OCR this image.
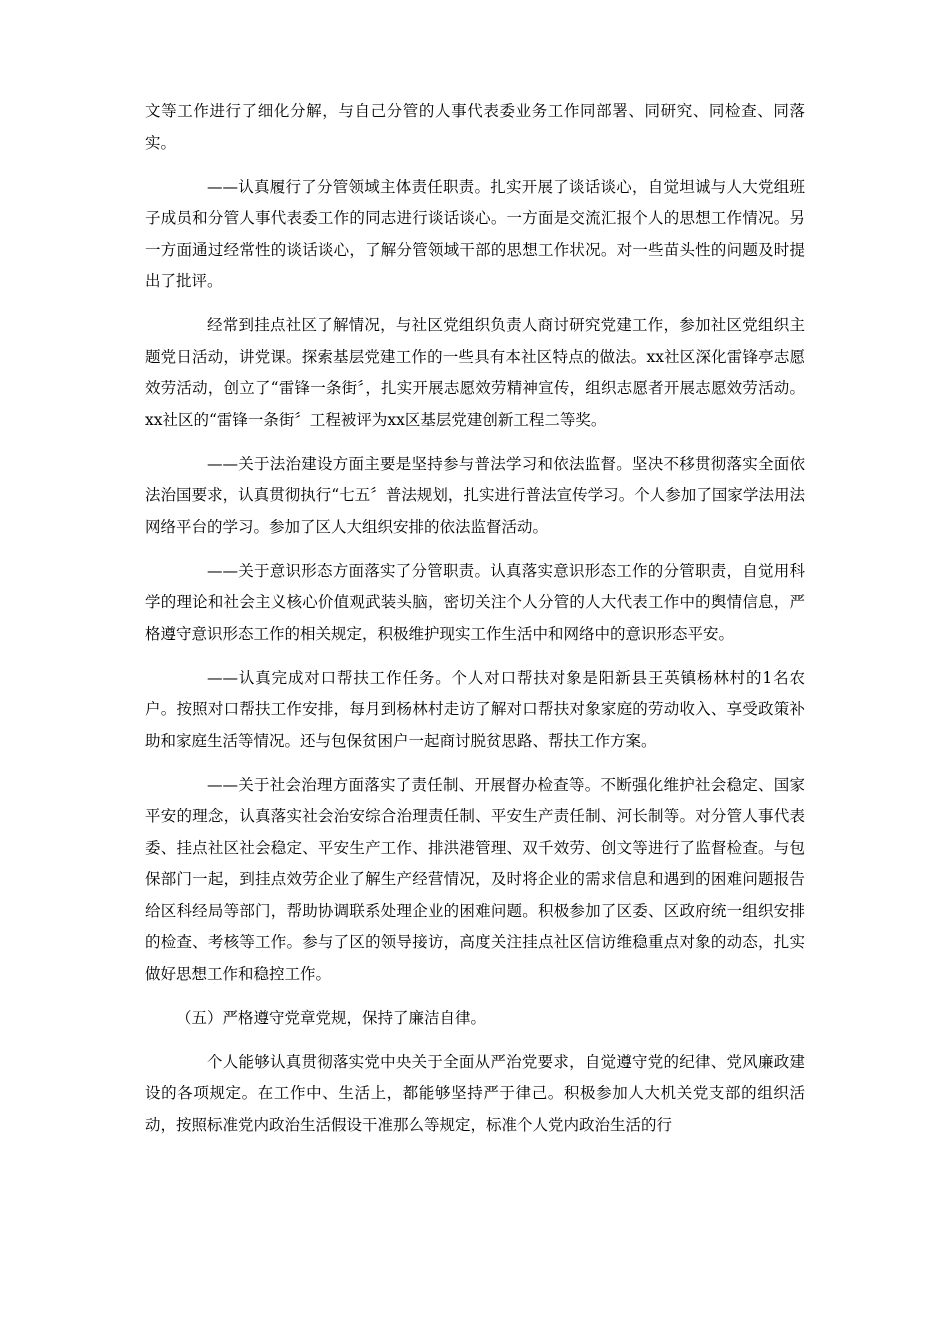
文等工作进行了细化分解，与自己分管的人事代表委业务工作同部署、同研究、同检查、同落实。

——认真履行了分管领域主体责任职责。扎实开展了谈话谈心，自觉坦诚与人大党组班子成员和分管人事代表委工作的同志进行谈话谈心。一方面是交流汇报个人的思想工作情况。另一方面通过经常性的谈话谈心，了解分管领域干部的思想工作状况。对一些苗头性的问题及时提出了批评。

经常到挂点社区了解情况，与社区党组织负责人商讨研究党建工作，参加社区党组织主题党日活动，讲党课。探索基层党建工作的一些具有本社区特点的做法。xx社区深化雷锋亭志愿效劳活动，创立了“雷锋一条街〞，扎实开展志愿效劳精神宣传，组织志愿者开展志愿效劳活动。xx社区的“雷锋一条街〞工程被评为xx区基层党建创新工程二等奖。

——关于法治建设方面主要是坚持参与普法学习和依法监督。坚决不移贯彻落实全面依法治国要求，认真贯彻执行“七五〞普法规划，扎实进行普法宣传学习。个人参加了国家学法用法网络平台的学习。参加了区人大组织安排的依法监督活动。

——关于意识形态方面落实了分管职责。认真落实意识形态工作的分管职责，自觉用科学的理论和社会主义核心价值观武装头脑，密切关注个人分管的人大代表工作中的舆情信息，严格遵守意识形态工作的相关规定，积极维护现实工作生活中和网络中的意识形态平安。

——认真完成对口帮扶工作任务。个人对口帮扶对象是阳新县王英镇杨林村的1名农户。按照对口帮扶工作安排，每月到杨林村走访了解对口帮扶对象家庭的劳动收入、享受政策补助和家庭生活等情况。还与包保贫困户一起商讨脱贫思路、帮扶工作方案。

——关于社会治理方面落实了责任制、开展督办检查等。不断强化维护社会稳定、国家平安的理念，认真落实社会治安综合治理责任制、平安生产责任制、河长制等。对分管人事代表委、挂点社区社会稳定、平安生产工作、排洪港管理、双千效劳、创文等进行了监督检查。与包保部门一起，到挂点效劳企业了解生产经营情况，及时将企业的需求信息和遇到的困难问题报告给区科经局等部门，帮助协调联系处理企业的困难问题。积极参加了区委、区政府统一组织安排的检查、考核等工作。参与了区的领导接访，高度关注挂点社区信访维稳重点对象的动态，扎实做好思想工作和稳控工作。

（五）严格遵守党章党规，保持了廉洁自律。

个人能够认真贯彻落实党中央关于全面从严治党要求，自觉遵守党的纪律、党风廉政建设的各项规定。在工作中、生活上，都能够坚持严于律己。积极参加人大机关党支部的组织活动，按照标准党内政治生活假设干准那么等规定，标准个人党内政治生活的行
